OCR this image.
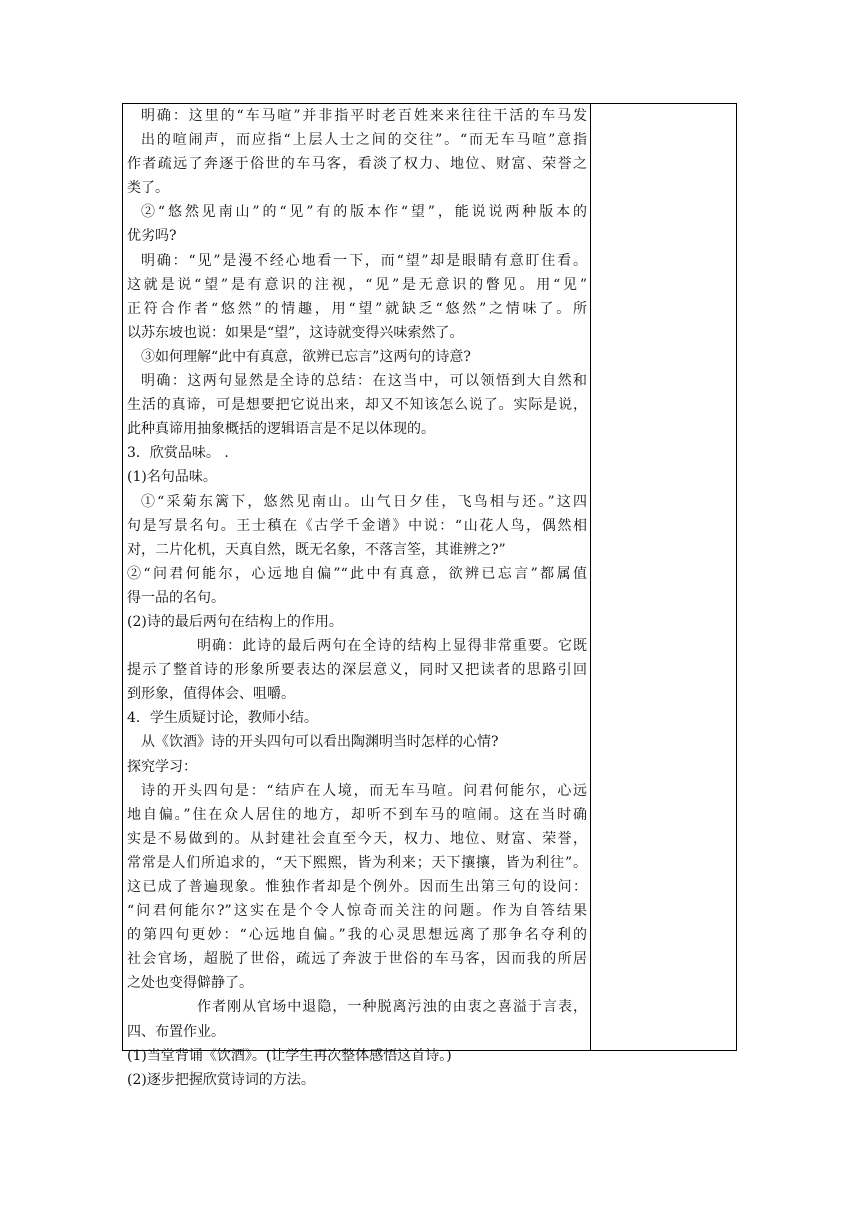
明确：这里的“车马喧”并非指平时老百姓来来往往干活的车马发
出的喧闹声，而应指“上层人士之间的交往”。“而无车马喧”意指
作者疏远了奔逐于俗世的车马客，看淡了权力、地位、财富、荣誉之
类了。
②“悠然见南山”的“见”有的版本作“望”，能说说两种版本的
优劣吗?
明确：“见”是漫不经心地看一下，而“望”却是眼睛有意盯住看。
这就是说“望”是有意识的注视，“见”是无意识的瞥见。用“见”
正符合作者“悠然”的情趣，用“望”就缺乏“悠然”之情味了。所
以苏东坡也说：如果是“望”，这诗就变得兴味索然了。
③如何理解“此中有真意，欲辨已忘言”这两句的诗意?
明确：这两句显然是全诗的总结：在这当中，可以领悟到大自然和
生活的真谛，可是想要把它说出来，却又不知该怎么说了。实际是说，
此种真谛用抽象概括的逻辑语言是不足以体现的。
3．欣赏品味。 .
(1)名句品味。
①“采菊东篱下，悠然见南山。山气日夕佳，飞鸟相与还。”这四
句是写景名句。王士稹在《古学千金谱》中说：“山花人鸟，偶然相
对，二片化机，天真自然，既无名象，不落言筌，其谁辨之?”
②“问君何能尔，心远地自偏”“此中有真意，欲辨已忘言”都属值
得一品的名句。
(2)诗的最后两句在结构上的作用。
明确：此诗的最后两句在全诗的结构上显得非常重要。它既
提示了整首诗的形象所要表达的深层意义，同时又把读者的思路引回
到形象，值得体会、咀嚼。
4．学生质疑讨论，教师小结。
从《饮酒》诗的开头四句可以看出陶渊明当时怎样的心情?
探究学习：
诗的开头四句是：“结庐在人境，而无车马喧。问君何能尔，心远
地自偏。”住在众人居住的地方，却听不到车马的喧闹。这在当时确
实是不易做到的。从封建社会直至今天，权力、地位、财富、荣誉，
常常是人们所追求的，“天下熙熙，皆为利来；天下攘攘，皆为利往”。
这已成了普遍现象。惟独作者却是个例外。因而生出第三句的设问：
“问君何能尔?”这实在是个令人惊奇而关注的问题。作为自答结果
的第四句更妙：“心远地自偏。”我的心灵思想远离了那争名夺利的
社会官场，超脱了世俗，疏远了奔波于世俗的车马客，因而我的所居
之处也变得僻静了。
作者刚从官场中退隐，一种脱离污浊的由衷之喜溢于言表，
四、布置作业。
(1)当堂背诵《饮酒》。(让学生再次整体感悟这首诗。)
(2)逐步把握欣赏诗词的方法。
